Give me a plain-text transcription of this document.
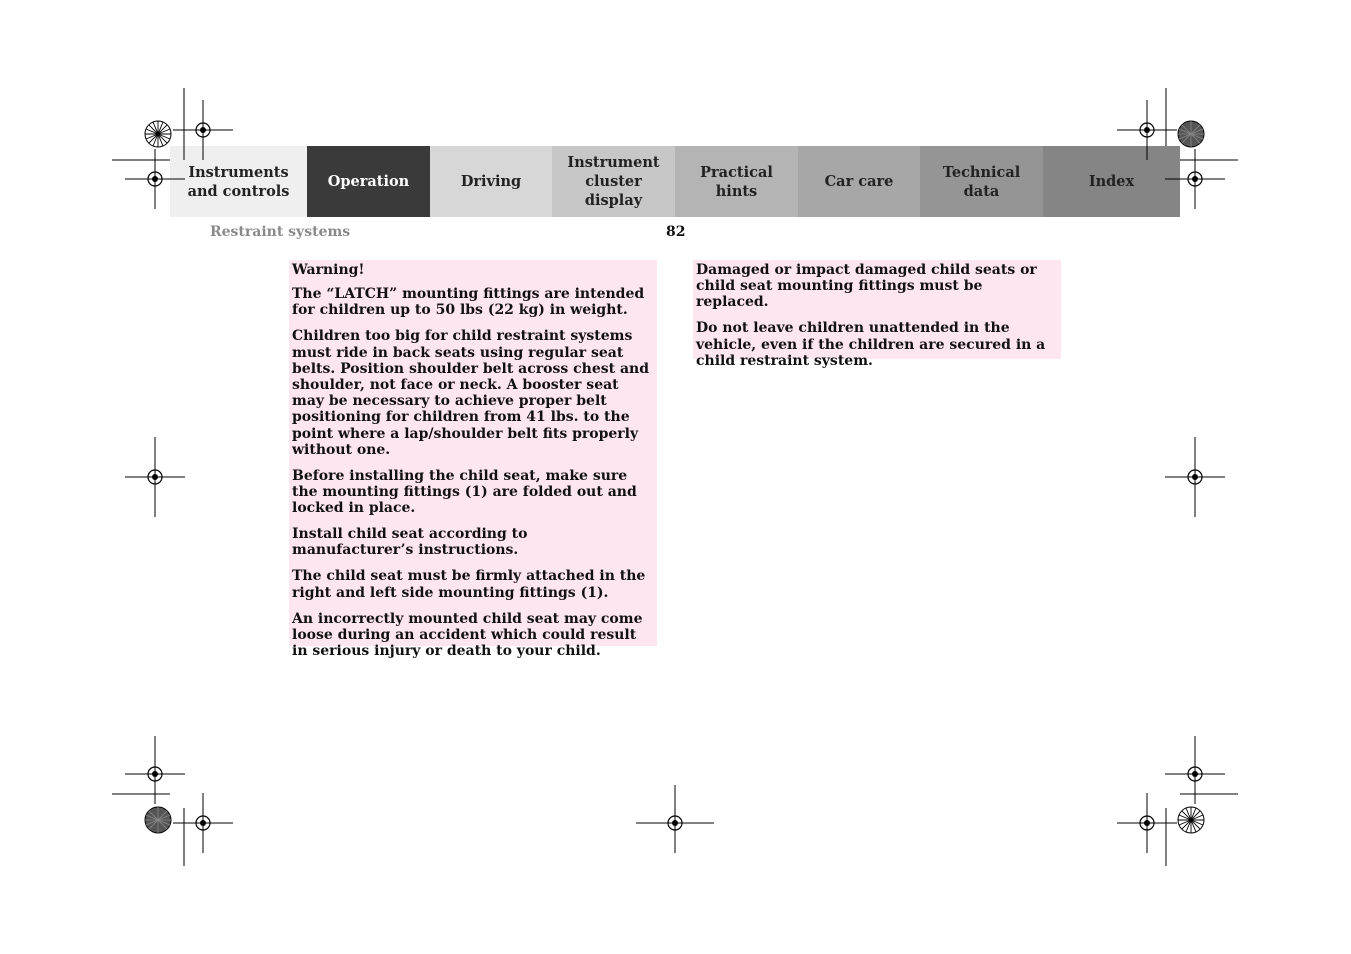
Instruments
and controls
Operation	Driving
Instrument
cluster display
Practical hints
Car care
Technical
data
Index
Restraint systems	82

Warning!

The “LATCH” mounting fittings are intended for children up to 50 lbs (22 kg) in weight.

Children too big for child restraint systems must ride in back seats using regular seat belts. Position shoulder belt across chest and shoulder, not face or neck. A booster seat may be necessary to achieve proper belt positioning for children from 41 lbs. to the point where a lap/shoulder belt fits properly without one.

Before installing the child seat, make sure the mounting fittings (1) are folded out and locked in place.

Install child seat according to manufacturer’s instructions.

The child seat must be firmly attached in the right and left side mounting fittings (1).

An incorrectly mounted child seat may come loose during an accident which could result in serious injury or death to your child.

Damaged or impact damaged child seats or child seat mounting fittings must be replaced.

Do not leave children unattended in the vehicle, even if the children are secured in a child restraint system.
